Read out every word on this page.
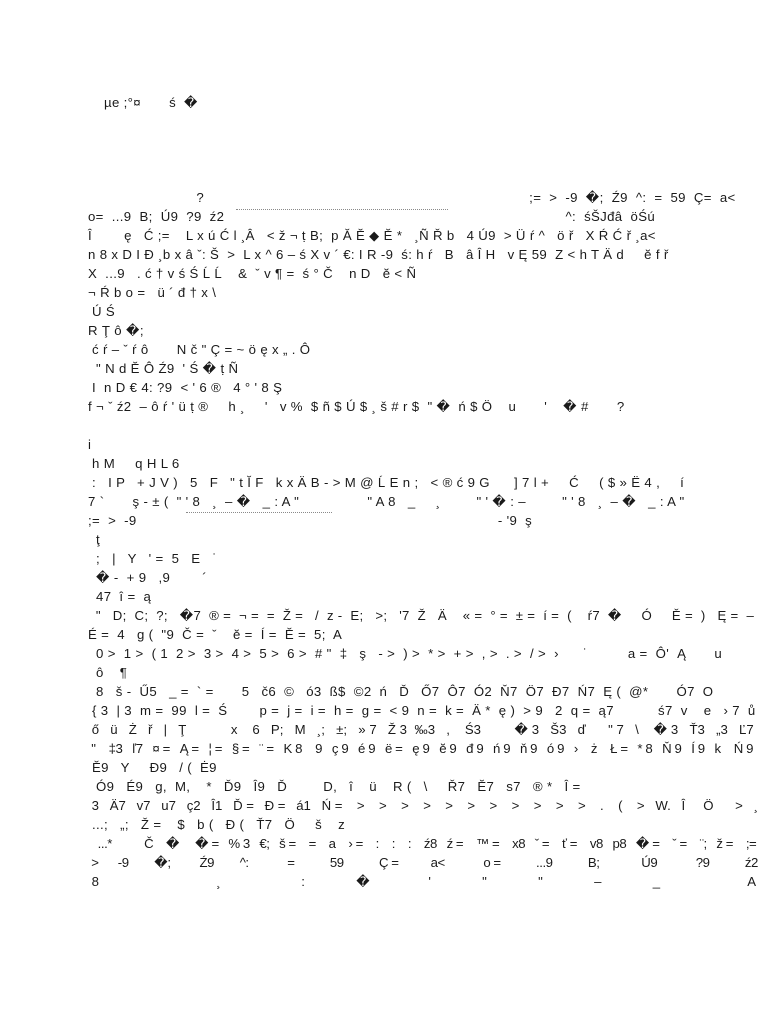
µe ;°¤       ś  �
?                                                                                 ;=  >  -9  �;  Ź9  ^:  =  59  Ç=  a<
o=  ...9  B;  Ú9  ?9  ź2                                                                                     ^:  śŠJđâ  öŚú
Î        ę   Ć ;=    L x ú Ć l ¸Â   < ž ¬ ṭ B;  p Ă Ĕ ◆ Ĕ *   ¸Ñ Ř b   4 Ú9  > Ü ŕ ^   ö ř   X Ŕ Ć ř ¸a<
n 8 x D I Đ ¸b x â ˇ: Š  >  L x ^ 6 – ś X v ´ €: I R -9  ś: h ŕ   B   â Î H   v Ę 59  Z < h T Ä d     ĕ f ř
X  ...9   . ć † v ś Ś Ĺ Ĺ    &  ˇ v ¶ =  ś ° Č    n D   ĕ < Ñ
¬ Ŕ b o =   ü ´ đ † x \
Ú Ś
R Ţ ô �;
ć ŕ – ˇ ŕ ô       N č " Ç = ~ ö ę x „ . Ô
" N d Ĕ Ô Ź9  ' Ś � ṭ Ñ
I  n D € 4: ?9  < ' 6 ®   4 ° ' 8 Ş
f ¬ ˇ ź2  – ô ŕ ' ü ṭ ®     h ¸     '   v %  $ ñ $ Ú $ ¸ š # r $  " �  ń $ Ö    u       '    � #       ?
i
h M     q H L 6
:   I P   + J V )   5   F   " t Ĭ F   k x Ä B - > M @ Ĺ E n ;   < ® ć 9 G      ] 7 l +     Ć     ( $ » Ë 4 ,     í
7 `       ş - ± (  " ' 8   ¸  – �   _ : A "                 " A 8   _     ¸         " ' � : –         " ' 8   ¸  – �   _ : A "
;=  >  -9                                                                                          - '9  ş
ţ
;   |   Y   ' =  5   E   ˙
� -  + 9   ,9        ´
47  î =  ą
"   D;  C;  ?;   �7  ® =  ¬ =  =  Ž =   /  z -  E;   >;   '7  Ž   Ä    « =  ° =  ± =  í =  (    ŕ7  �     Ó     Ě =  )   Ę =  –
É =  4   g (  "9  Č =  ˇ    ĕ =  Í =  Ĕ =  5;  A
0 >  1 >  ( 1  2 >  3 >  4 >  5 >  6 >  # "  ‡   ş   - >  ) >  * >  + >  , >  . >  / >  ›      ˙          a =  Ô'  Ą       u
ô    ¶
8   š -  Ű5   _ =  ` =       5   č6  ©   ó3  ß$  ©2  ń   Ď   Ő7  Ô7  Ó2  Ň7  Ö7  Ð7  Ń7  Ę (  @*       Ó7  O
{ 3  | 3  m =  99  l =  Ś        p =  j =  i =  h =  g =  < 9  n =  k =  Ä *  ę )  > 9   2  q =  ą7           ś7  v    e   › 7  ů
ő   ü   Ż   ř   |   Ţ            x    6   P;   M   ¸;   ±;   » 7   Ž 3  ‰3   ,    Ś3         � 3   Š3   ď      " 7   \    � 3   Ť3   „3   Ľ7
"    ‡3   ľ7   ¤ =   Ą =   ¦ =   § =   ¨ =   K 8    9   ç 9   é 9   ë =   ę 9   ĕ 9   đ 9   ń 9   ň 9   ó 9   ›    ż    Ł =   * 8   Ň 9   Í 9   k    Ń 9
Ĕ9   Y     Ð9   / (  Ė9
Ó9   É9   g,  M,    *   Ď9   Î9   Ď         D,   î    ü    R (   \     Ř7   Ĕ7   s7   ® *   Î =
3   Ä7   v7   u7   ç2   Î1   Ď =   Ð =   á1   Ń =    >    >    >    >    >    >    >    >    >    >    >    .    (    >   W.   Î     Ö      >   ¸
...;   „;   Ž =    $   b (   Đ (   Ť7   Ö     š    z
...*          Č    �     � =   % 3   €;   š =    =    a    › =    :    :    :    ź8   ź =    ™ =    x8   ˇ =    ť =    v8   p8   � =    ˇ =    ¨;   ž =    ;=
>      -9        �;         Ź9        ^:            =           59           Ç =          a<            o =           ...9           B;             Ú9            ?9           ź2
8                                ¸                      :              �                '              "              "              –              _                        A
